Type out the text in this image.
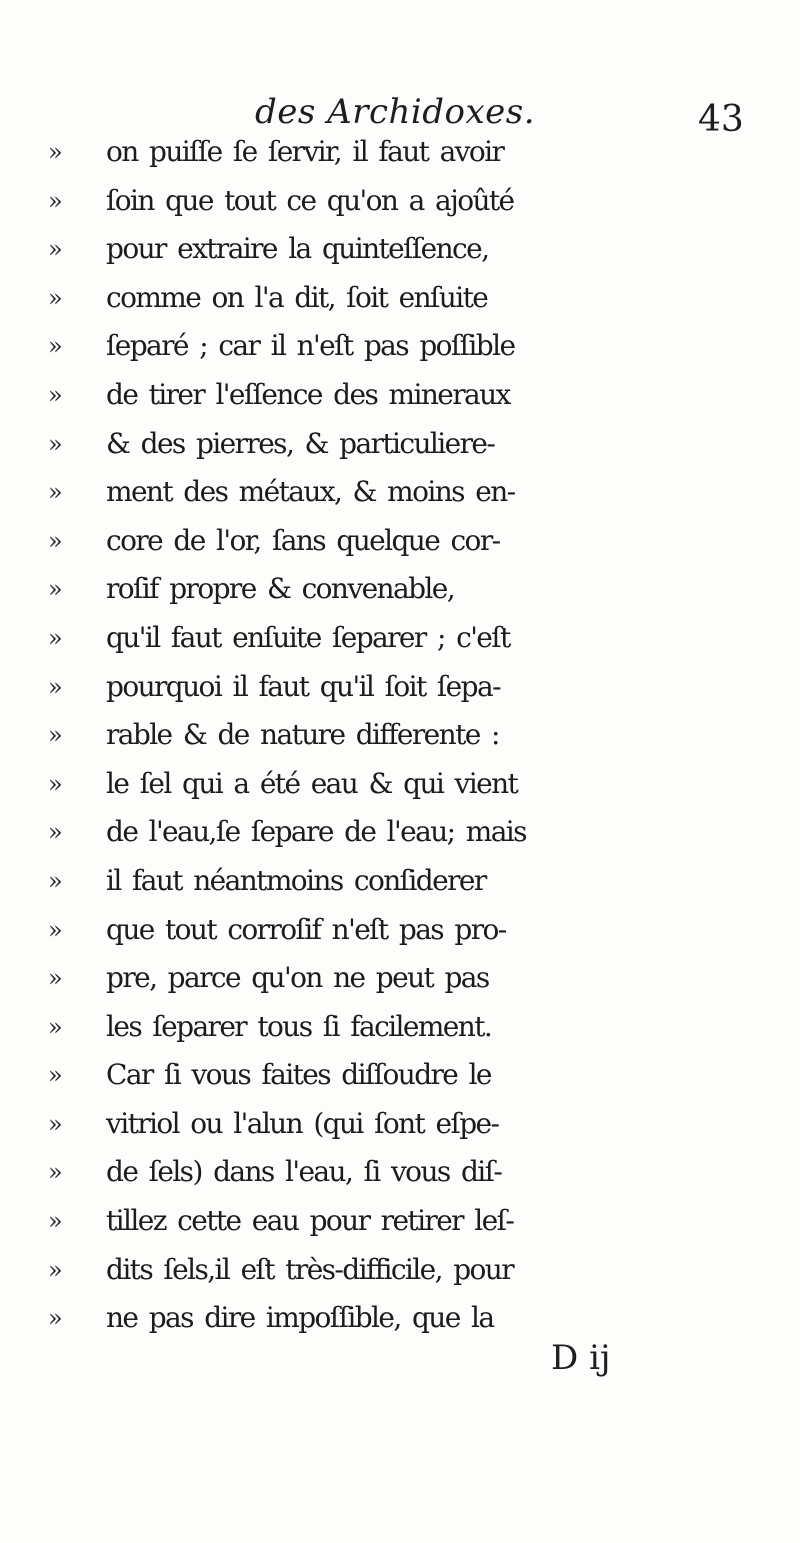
des Archidoxes.	43
»	on puiſſe ſe ſervir, il faut avoir
»	ſoin que tout ce qu'on a ajoûté
»	pour extraire la quinteſſence,
»	comme on l'a dit, ſoit enſuite
»	ſeparé ; car il n'eſt pas poſſible
»	de tirer l'eſſence des mineraux
»	& des pierres, & particuliere-
»	ment des métaux, & moins en-
»	core de l'or, ſans quelque cor-
»	roſif propre & convenable,
»	qu'il faut enſuite ſeparer ; c'eſt
»	pourquoi il faut qu'il ſoit ſepa-
»	rable & de nature differente :
»	le ſel qui a été eau & qui vient
»	de l'eau,ſe ſepare de l'eau; mais
»	il faut néantmoins conſiderer
»	que tout corroſif n'eſt pas pro-
»	pre, parce qu'on ne peut pas
»	les ſeparer tous ſi facilement.
»	Car ſi vous faites diſſoudre le
»	vitriol ou l'alun (qui ſont eſpe-
»	de ſels) dans l'eau, ſi vous diſ-
»	tillez cette eau pour retirer leſ-
»	dits ſels,il eſt très-difficile, pour
»	ne pas dire impoſſible, que la
D ij
